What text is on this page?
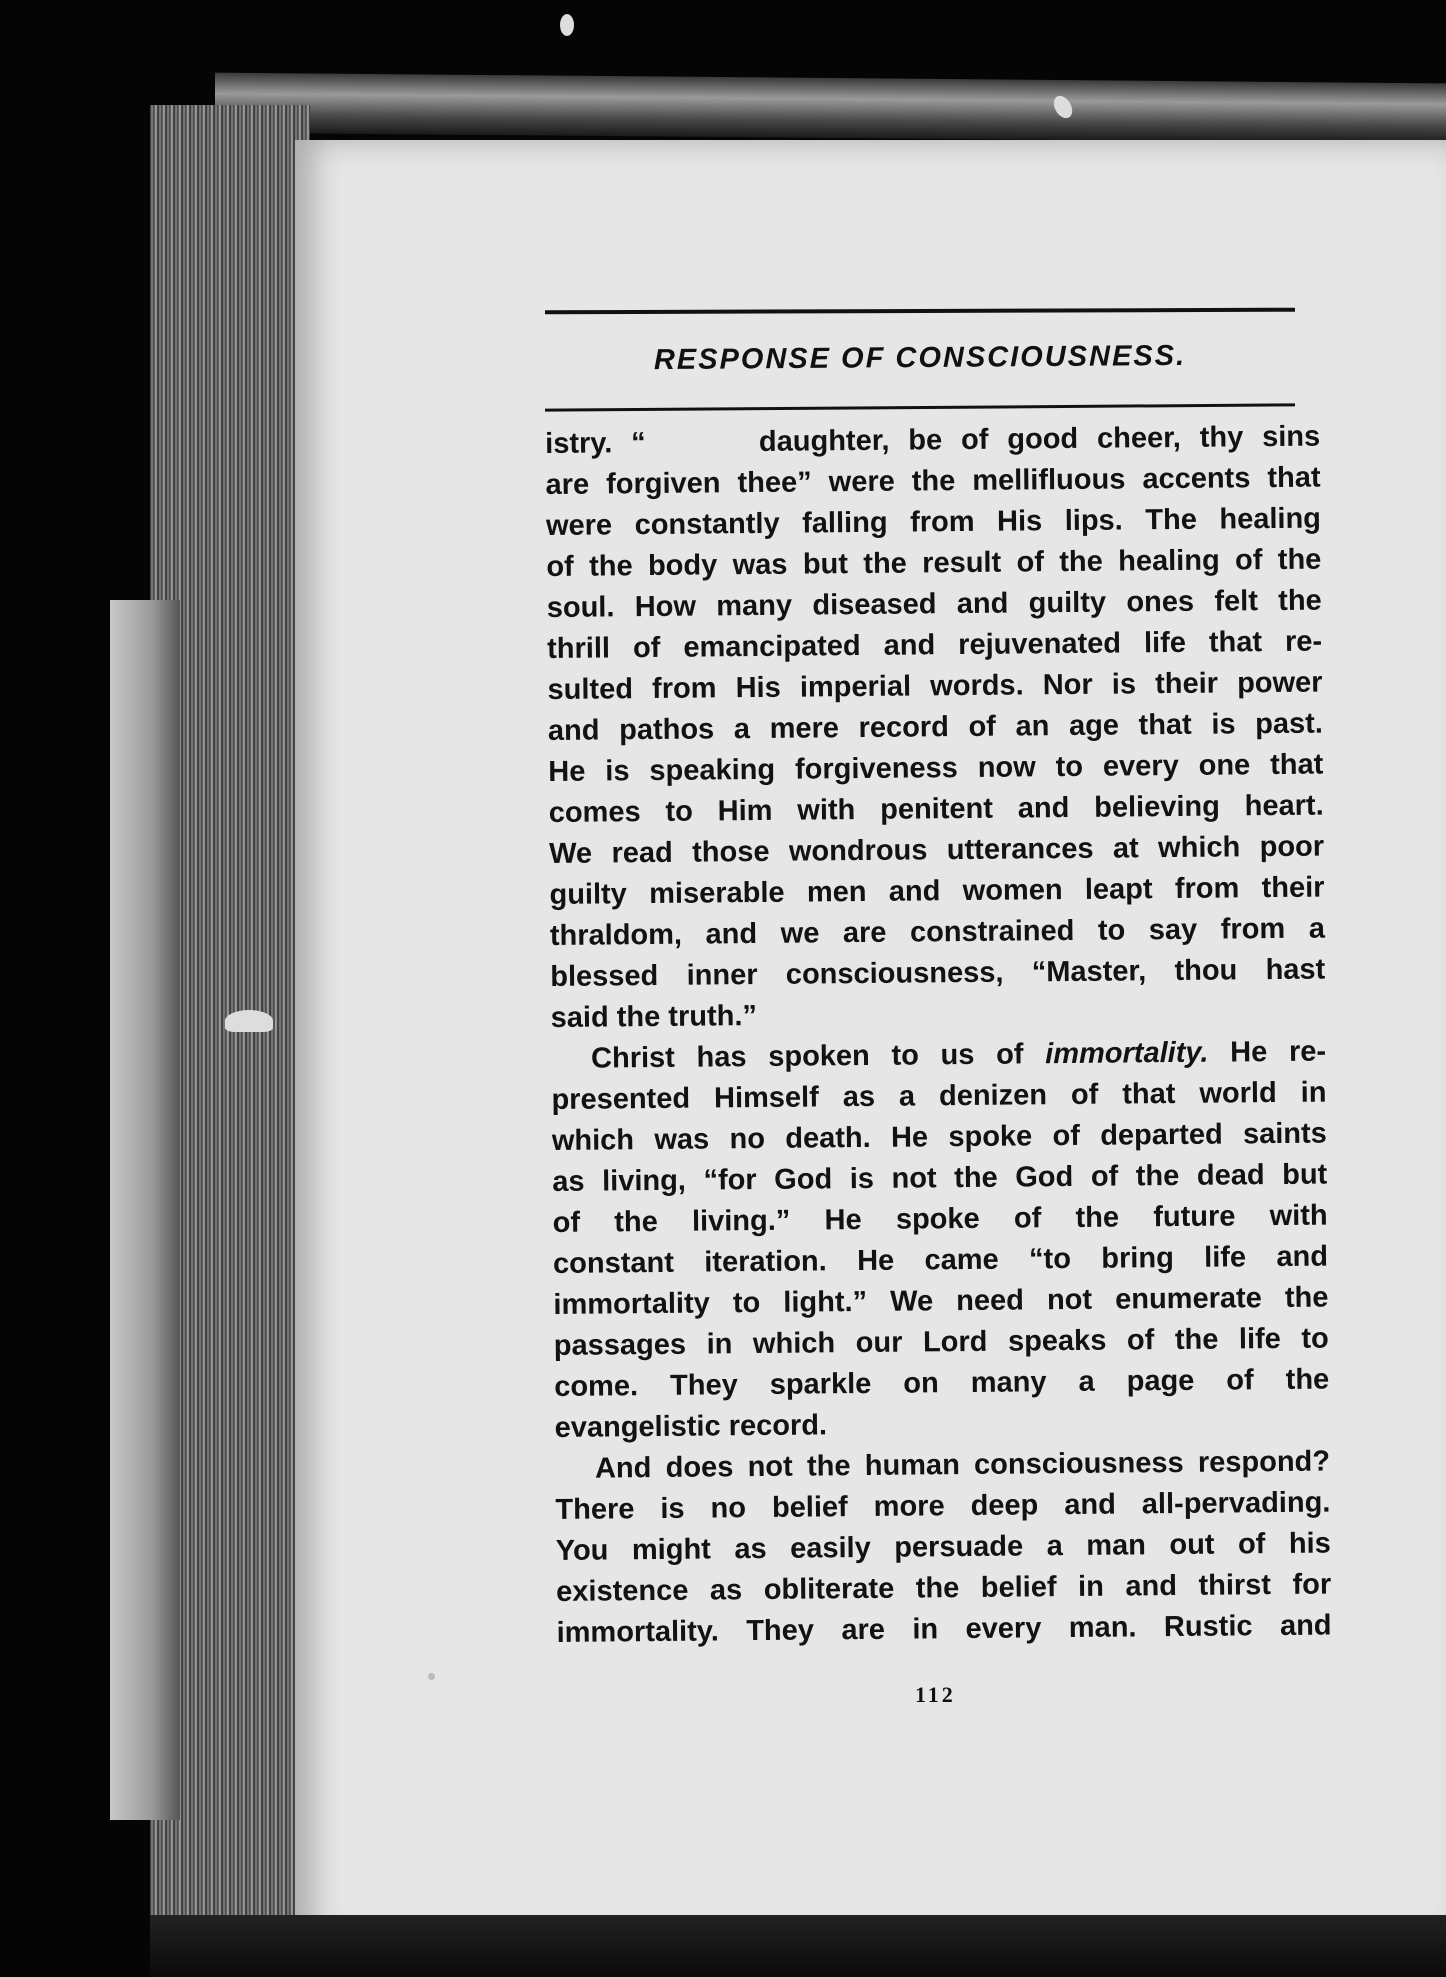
RESPONSE OF CONSCIOUSNESS.
istry. “      daughter, be of good cheer, thy sins
are forgiven thee” were the mellifluous accents that
were constantly falling from His lips. The healing
of the body was but the result of the healing of the
soul. How many diseased and guilty ones felt the
thrill of emancipated and rejuvenated life that re-
sulted from His imperial words. Nor is their power
and pathos a mere record of an age that is past.
He is speaking forgiveness now to every one that
comes to Him with penitent and believing heart.
We read those wondrous utterances at which poor
guilty miserable men and women leapt from their
thraldom, and we are constrained to say from a
blessed inner consciousness, “Master, thou hast
said the truth.”
Christ has spoken to us of immortality. He re-
presented Himself as a denizen of that world in
which was no death. He spoke of departed saints
as living, “for God is not the God of the dead but
of the living.” He spoke of the future with
constant iteration. He came “to bring life and
immortality to light.” We need not enumerate the
passages in which our Lord speaks of the life to
come. They sparkle on many a page of the
evangelistic record.
And does not the human consciousness respond?
There is no belief more deep and all-pervading.
You might as easily persuade a man out of his
existence as obliterate the belief in and thirst for
immortality. They are in every man. Rustic and
112
